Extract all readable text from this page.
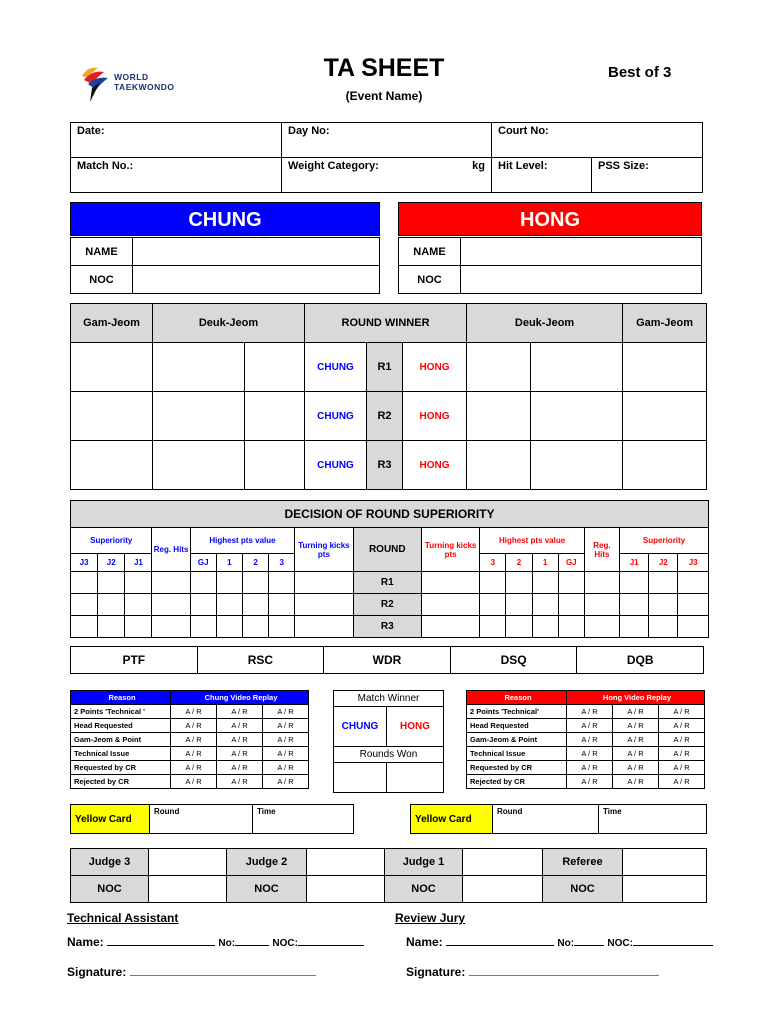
WORLD
TAEKWONDO
TA SHEET
(Event Name)
Best of 3
Date:	Day No:	Court No:	
Match No.:	Weight Category: kg	Hit Level:	PSS Size:
CHUNG	HONG
NAME	
NOC	
NAME	
NOC	
Gam-Jeom	Deuk-Jeom		ROUND WINNER			Deuk-Jeom		Gam-Jeom
			CHUNG	R1	HONG			
			CHUNG	R2	HONG			
			CHUNG	R3	HONG			
DECISION OF ROUND SUPERIORITY																		
Superiority			Reg. Hits	Highest pts value				Turning kicks pts	ROUND	Turning kicks pts	Highest pts value				Reg. Hits	Superiority		
J3	J2	J1		GJ	1	2	3				3	2	1	GJ		J1	J2	J3
									R1									
									R2									
									R3									
PTF	RSC	WDR	DSQ	DQB
Reason	Chung Video Replay		
2 Points 'Technical '	A / R	A / R	A / R
Head Requested	A / R	A / R	A / R
Gam-Jeom & Point	A / R	A / R	A / R
Technical Issue	A / R	A / R	A / R
Requested by CR	A / R	A / R	A / R
Rejected by CR	A / R	A / R	A / R
Match Winner	
CHUNG	HONG
Rounds Won	

Reason	Hong Video Replay		
2 Points 'Technical'	A / R	A / R	A / R
Head Requested	A / R	A / R	A / R
Gam-Jeom & Point	A / R	A / R	A / R
Technical Issue	A / R	A / R	A / R
Requested by CR	A / R	A / R	A / R
Rejected by CR	A / R	A / R	A / R
Yellow Card	Round	Time
Yellow Card	Round	Time
Judge 3		Judge 2		Judge 1		Referee	
NOC		NOC		NOC		NOC	
Technical Assistant
Name:	No:	NOC:
Signature:
Review Jury
Name:	No:	NOC:
Signature:
